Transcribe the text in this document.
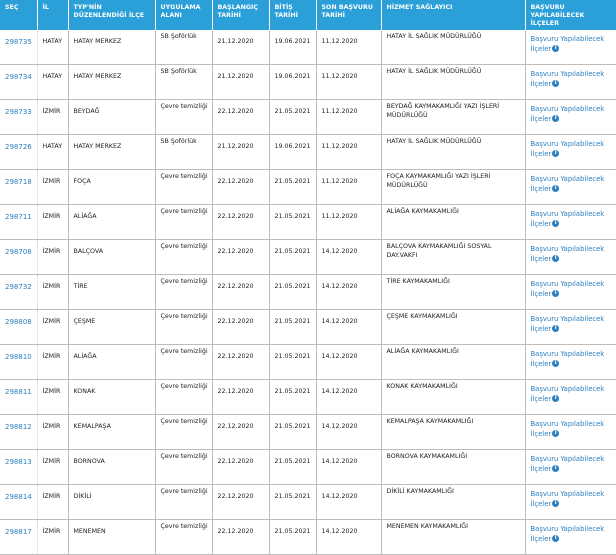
SEÇ	İL	TYP'NİN DÜZENLENDİĞİ İLÇE	UYGULAMA ALANI	BAŞLANGIÇ TARİHİ	BİTİŞ TARİHİ	SON BAŞVURU TARİHİ	HİZMET SAĞLAYICI	BAŞVURU YAPILABİLECEK İLÇELER
298735	HATAY	HATAY MERKEZ	SB Şoförlük	21.12.2020	19.06.2021	11.12.2020	HATAY İL SAĞLIK MÜDÜRLÜĞÜ	Başvuru Yapılabilecek İlçeler i
298734	HATAY	HATAY MERKEZ	SB Şoförlük	21.12.2020	19.06.2021	11.12.2020	HATAY İL SAĞLIK MÜDÜRLÜĞÜ	Başvuru Yapılabilecek İlçeler i
298733	İZMİR	BEYDAĞ	Çevre temizliği	22.12.2020	21.05.2021	11.12.2020	BEYDAĞ KAYMAKAMLIĞI YAZI İŞLERİ MÜDÜRLÜĞÜ	Başvuru Yapılabilecek İlçeler i
298726	HATAY	HATAY MERKEZ	SB Şoförlük	21.12.2020	19.06.2021	11.12.2020	HATAY İL SAĞLIK MÜDÜRLÜĞÜ	Başvuru Yapılabilecek İlçeler i
298718	İZMİR	FOÇA	Çevre temizliği	22.12.2020	21.05.2021	11.12.2020	FOÇA KAYMAKAMLIĞI YAZI İŞLERİ MÜDÜRLÜĞÜ	Başvuru Yapılabilecek İlçeler i
298711	İZMİR	ALİAĞA	Çevre temizliği	22.12.2020	21.05.2021	11.12.2020	ALİAĞA KAYMAKAMLIĞI	Başvuru Yapılabilecek İlçeler i
298708	İZMİR	BALÇOVA	Çevre temizliği	22.12.2020	21.05.2021	14.12.2020	BALÇOVA KAYMAKAMLIĞI SOSYAL DAY.VAKFI	Başvuru Yapılabilecek İlçeler i
298732	İZMİR	TİRE	Çevre temizliği	22.12.2020	21.05.2021	14.12.2020	TİRE KAYMAKAMLIĞI	Başvuru Yapılabilecek İlçeler i
298808	İZMİR	ÇEŞME	Çevre temizliği	22.12.2020	21.05.2021	14.12.2020	ÇEŞME KAYMAKAMLIĞI	Başvuru Yapılabilecek İlçeler i
298810	İZMİR	ALİAĞA	Çevre temizliği	22.12.2020	21.05.2021	14.12.2020	ALİAĞA KAYMAKAMLIĞI	Başvuru Yapılabilecek İlçeler i
298811	İZMİR	KONAK	Çevre temizliği	22.12.2020	21.05.2021	14.12.2020	KONAK KAYMAKAMLIĞI	Başvuru Yapılabilecek İlçeler i
298812	İZMİR	KEMALPAŞA	Çevre temizliği	22.12.2020	21.05.2021	14.12.2020	KEMALPAŞA KAYMAKAMLIĞI	Başvuru Yapılabilecek İlçeler i
298813	İZMİR	BORNOVA	Çevre temizliği	22.12.2020	21.05.2021	14.12.2020	BORNOVA KAYMAKAMLIĞI	Başvuru Yapılabilecek İlçeler i
298814	İZMİR	DİKİLİ	Çevre temizliği	22.12.2020	21.05.2021	14.12.2020	DİKİLİ KAYMAKAMLIĞI	Başvuru Yapılabilecek İlçeler i
298817	İZMİR	MENEMEN	Çevre temizliği	22.12.2020	21.05.2021	14.12.2020	MENEMEN KAYMAKAMLIĞI	Başvuru Yapılabilecek İlçeler i
